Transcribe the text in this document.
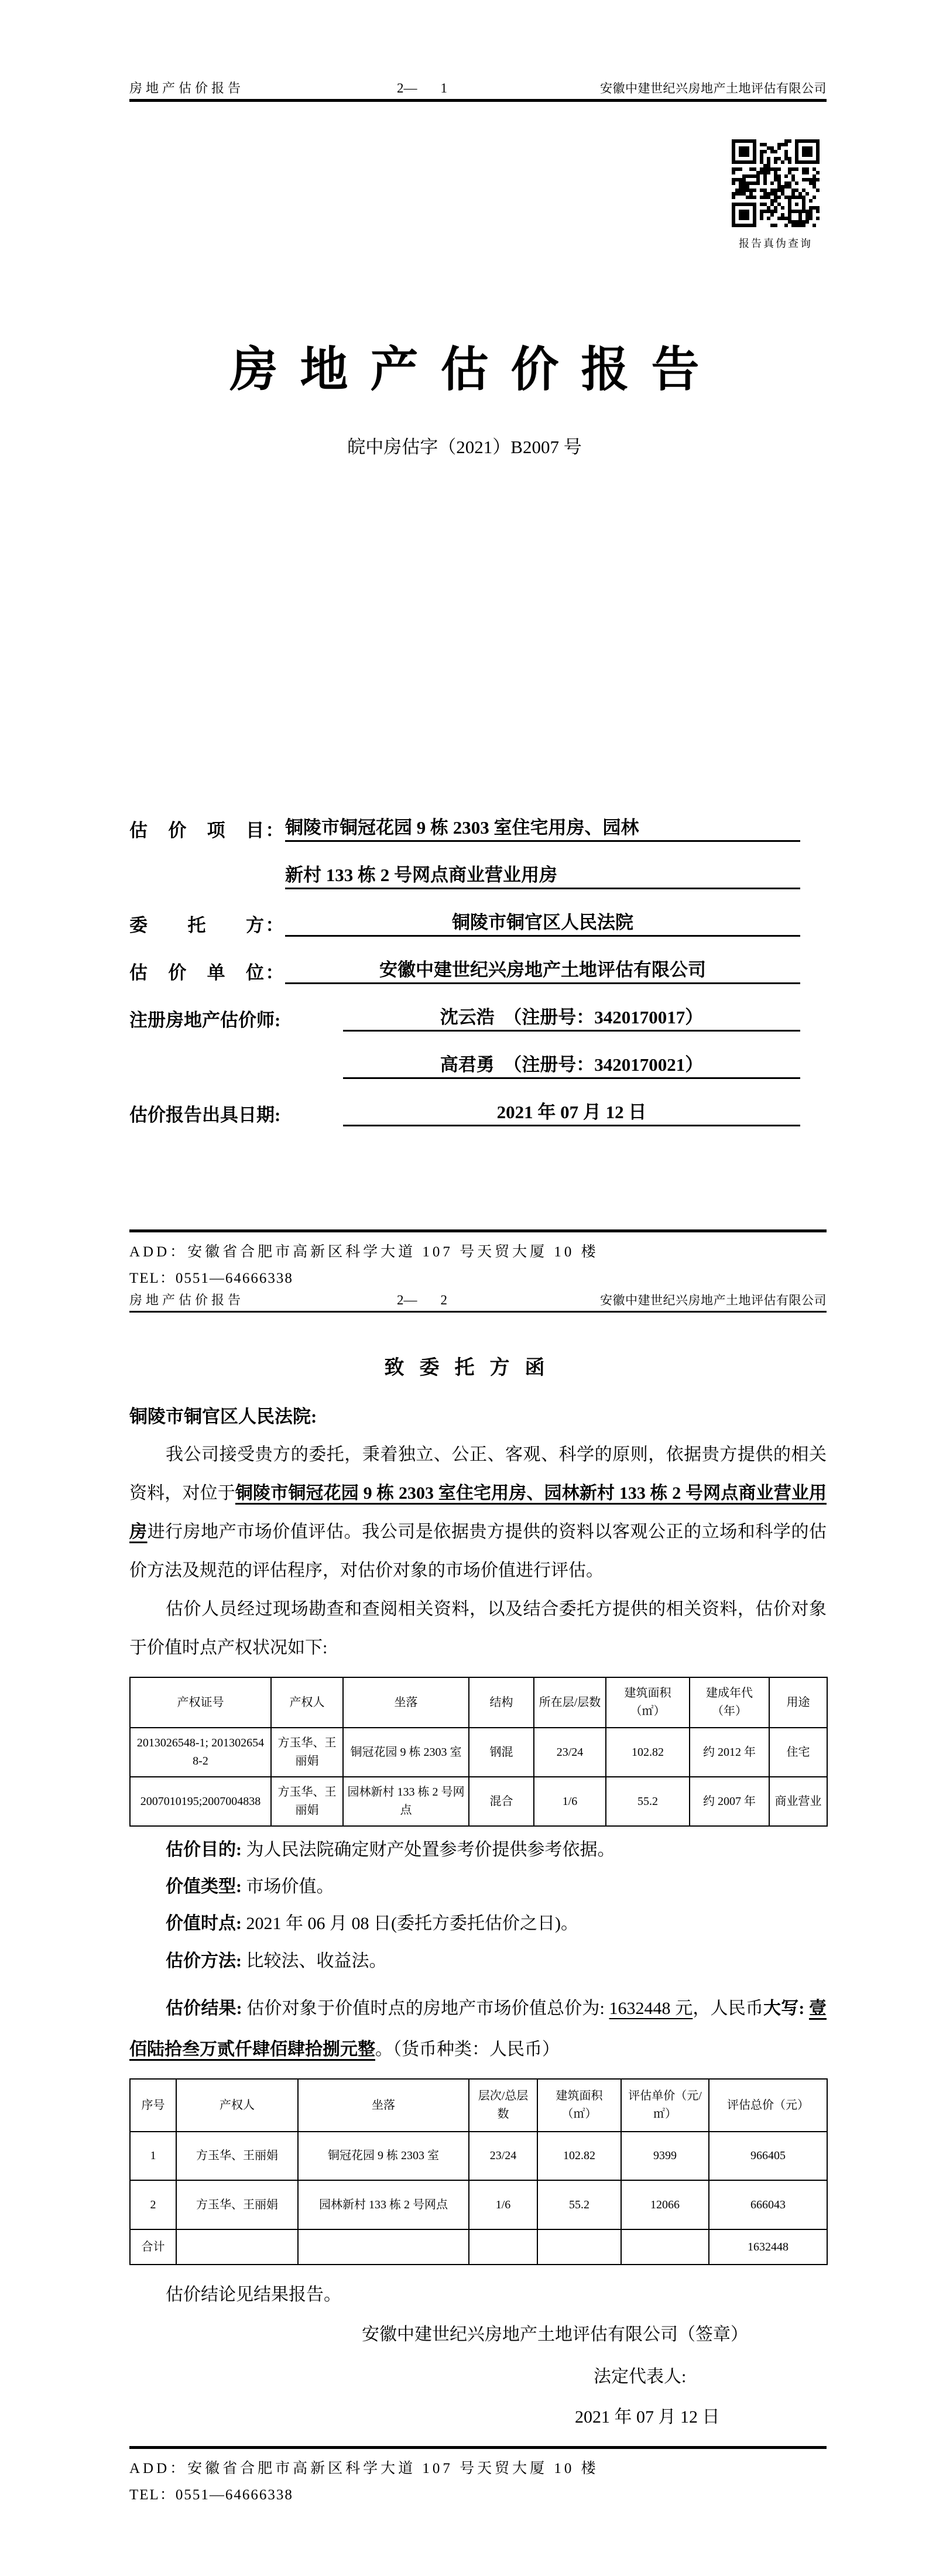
房地产估价报告	2— 1	安徽中建世纪兴房地产土地评估有限公司
报告真伪查询
房地产估价报告
皖中房估字（2021）B2007 号
估价项目 ： 铜陵市铜冠花园 9 栋 2303 室住宅用房、园林
新村 133 栋 2 号网点商业营业用房
委托方 ：	铜陵市铜官区人民法院
估价单位 ：	安徽中建世纪兴房地产土地评估有限公司
注册房地产估价师:	沈云浩　（注册号：3420170017）
高君勇　（注册号：3420170021）
估价报告出具日期:	2021 年 07 月 12 日
ADD：安徽省合肥市高新区科学大道 107 号天贸大厦 10 楼
TEL：0551—64666338
房地产估价报告	2— 2	安徽中建世纪兴房地产土地评估有限公司
致委托方函
铜陵市铜官区人民法院:
我公司接受贵方的委托，秉着独立、公正、客观、科学的原则，依据贵方提供的相关资料，对位于铜陵市铜冠花园 9 栋 2303 室住宅用房、园林新村 133 栋 2 号网点商业营业用房进行房地产市场价值评估。我公司是依据贵方提供的资料以客观公正的立场和科学的估价方法及规范的评估程序，对估价对象的市场价值进行评估。
估价人员经过现场勘查和查阅相关资料，以及结合委托方提供的相关资料，估价对象于价值时点产权状况如下:
产权证号	产权人	坐落	结构	所在层/层数	建筑面积（㎡）	建成年代（年）	用途
2013026548-1; 2013026548-2	方玉华、王丽娟	铜冠花园 9 栋 2303 室	钢混	23/24	102.82	约 2012 年	住宅
2007010195;2007004838	方玉华、王丽娟	园林新村 133 栋 2 号网点	混合	1/6	55.2	约 2007 年	商业营业
估价目的: 为人民法院确定财产处置参考价提供参考依据。
价值类型: 市场价值。
价值时点: 2021 年 06 月 08 日(委托方委托估价之日)。
估价方法: 比较法、收益法。
估价结果: 估价对象于价值时点的房地产市场价值总价为: 1632448 元，人民币大写: 壹佰陆拾叁万贰仟肆佰肆拾捌元整。（货币种类：人民币）
序号	产权人	坐落	层次/总层数	建筑面积（㎡）	评估单价（元/㎡）	评估总价（元）
1	方玉华、王丽娟	铜冠花园 9 栋 2303 室	23/24	102.82	9399	966405
2	方玉华、王丽娟	园林新村 133 栋 2 号网点	1/6	55.2	12066	666043
合计						1632448
估价结论见结果报告。
安徽中建世纪兴房地产土地评估有限公司（签章）
法定代表人:
2021 年 07 月 12 日
ADD：安徽省合肥市高新区科学大道 107 号天贸大厦 10 楼
TEL：0551—64666338
